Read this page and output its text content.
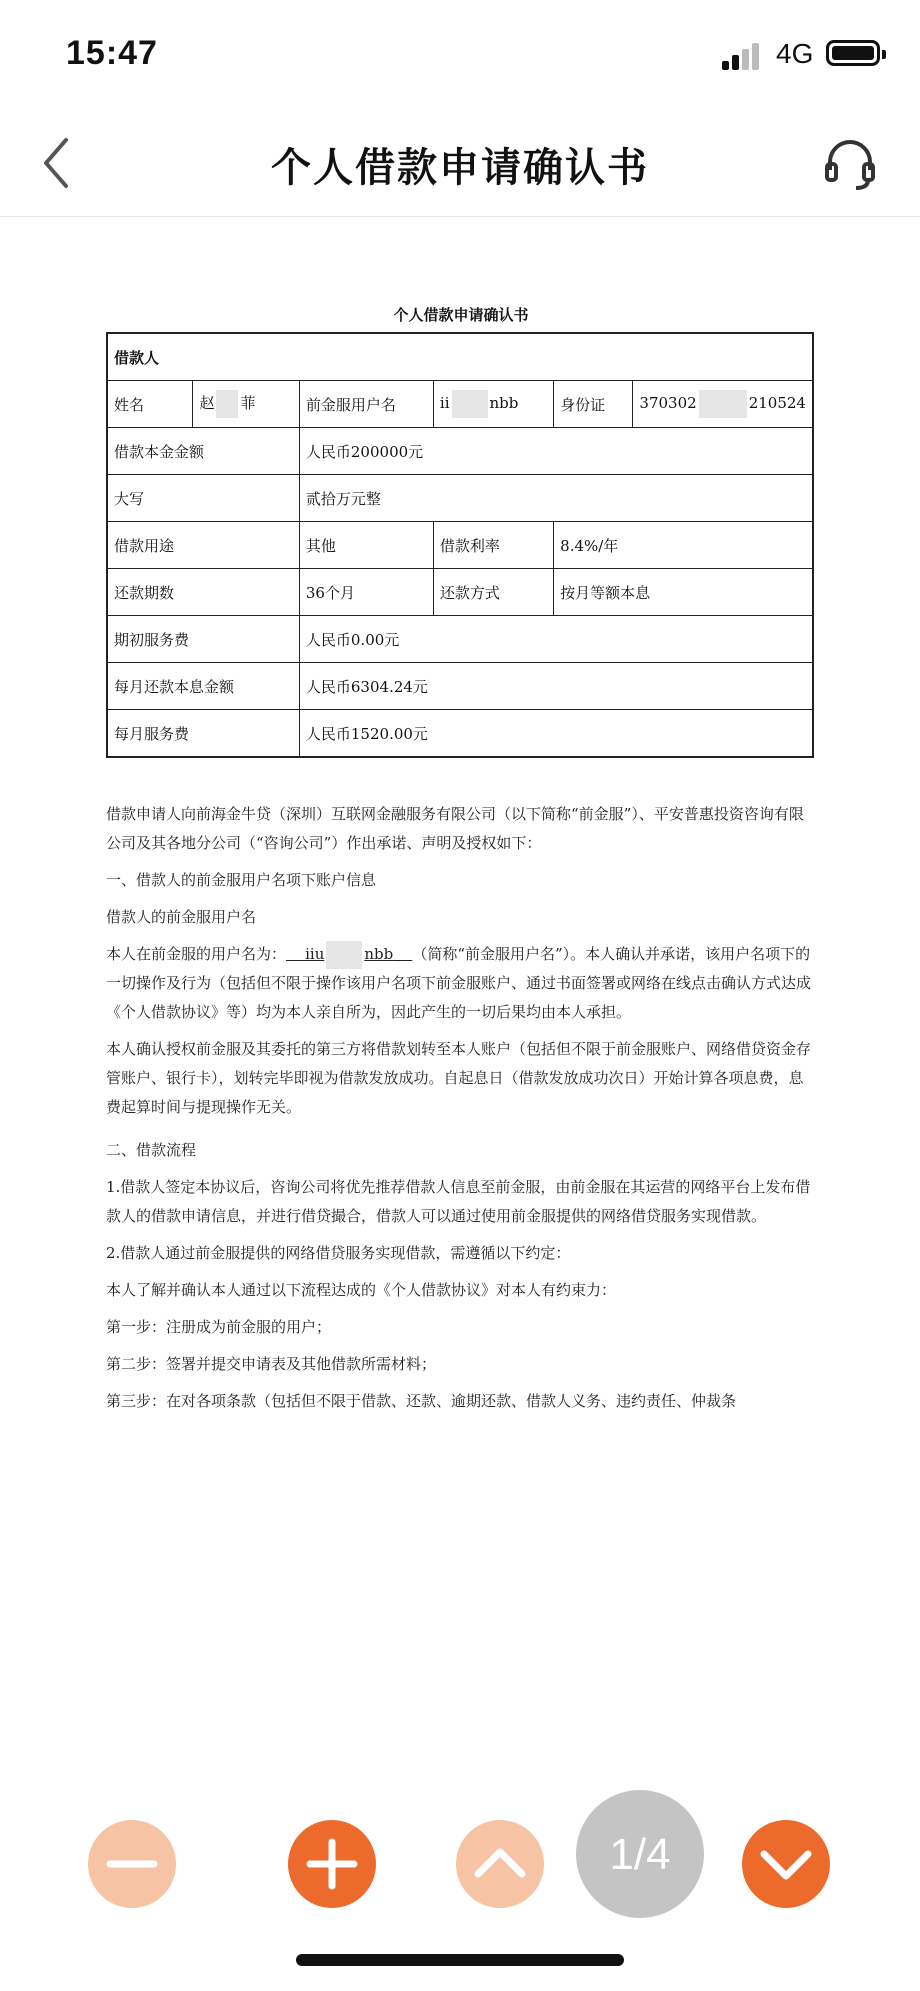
15:47	4G
个人借款申请确认书
个人借款申请确认书
借款人					
姓名	赵 菲	前金服用户名	ii nbb	身份证	370302 210524
借款本金金额		人民币200000元			
大写		贰拾万元整			
借款用途		其他	借款利率	8.4%/年	
还款期数		36个月	还款方式	按月等额本息	
期初服务费		人民币0.00元			
每月还款本息金额		人民币6304.24元			
每月服务费		人民币1520.00元			

借款申请人向前海金牛贷（深圳）互联网金融服务有限公司（以下简称“前金服”）、平安普惠投资咨询有限公司及其各地分公司（“咨询公司”）作出承诺、声明及授权如下：

一、借款人的前金服用户名项下账户信息

借款人的前金服用户名

本人在前金服的用户名为： iiu	nbb （简称“前金服用户名”）。本人确认并承诺，该用户名项下的一切操作及行为（包括但不限于操作该用户名项下前金服账户、通过书面签署或网络在线点击确认方式达成《个人借款协议》等）均为本人亲自所为，因此产生的一切后果均由本人承担。

本人确认授权前金服及其委托的第三方将借款划转至本人账户（包括但不限于前金服账户、网络借贷资金存管账户、银行卡），划转完毕即视为借款发放成功。自起息日（借款发放成功次日）开始计算各项息费，息费起算时间与提现操作无关。

二、借款流程

1.借款人签定本协议后，咨询公司将优先推荐借款人信息至前金服，由前金服在其运营的网络平台上发布借款人的借款申请信息，并进行借贷撮合，借款人可以通过使用前金服提供的网络借贷服务实现借款。

2.借款人通过前金服提供的网络借贷服务实现借款，需遵循以下约定：

本人了解并确认本人通过以下流程达成的《个人借款协议》对本人有约束力：

第一步：注册成为前金服的用户；

第二步：签署并提交申请表及其他借款所需材料；

第三步：在对各项条款（包括但不限于借款、还款、逾期还款、借款人义务、违约责任、仲裁条

1/4
